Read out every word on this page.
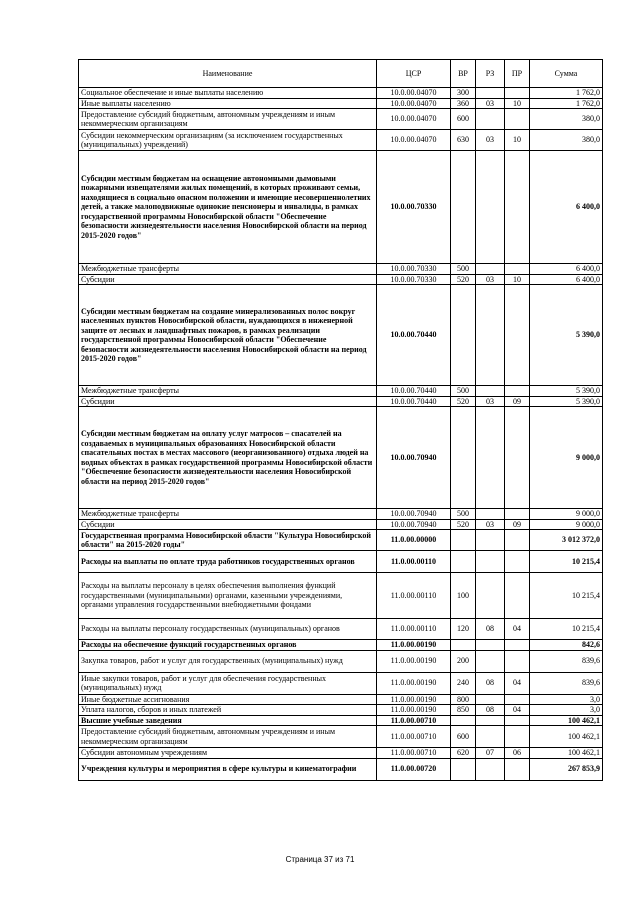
Наименование	ЦСР	ВР	РЗ	ПР	Сумма
Социальное обеспечение и иные выплаты населению	10.0.00.04070	300			1 762,0
Иные выплаты населению	10.0.00.04070	360	03	10	1 762,0
Предоставление субсидий бюджетным, автономным учреждениям и иным некоммерческим организациям	10.0.00.04070	600			380,0
Субсидии некоммерческим организациям (за исключением государственных (муниципальных) учреждений)	10.0.00.04070	630	03	10	380,0
Субсидии местным бюджетам на оснащение автономными дымовыми пожарными извещателями жилых помещений, в которых проживают семьи, находящиеся в социально опасном положении и имеющие несовершеннолетних детей, а также малоподвижные одинокие пенсионеры и инвалиды, в рамках государственной программы Новосибирской области "Обеспечение безопасности жизнедеятельности населения Новосибирской области на период 2015-2020 годов"	10.0.00.70330				6 400,0
Межбюджетные трансферты	10.0.00.70330	500			6 400,0
Субсидии	10.0.00.70330	520	03	10	6 400,0
Субсидии местным бюджетам на создание минерализованных полос вокруг населенных пунктов Новосибирской области, нуждающихся в инженерной защите от лесных и ландшафтных пожаров, в рамках реализации государственной программы Новосибирской области "Обеспечение безопасности жизнедеятельности населения Новосибирской области на период 2015-2020 годов"	10.0.00.70440				5 390,0
Межбюджетные трансферты	10.0.00.70440	500			5 390,0
Субсидии	10.0.00.70440	520	03	09	5 390,0
Субсидии местным бюджетам на оплату услуг матросов – спасателей на создаваемых в муниципальных образованиях Новосибирской области спасательных постах в местах массового (неорганизованного) отдыха людей на водных объектах в рамках государственной программы Новосибирской области "Обеспечение безопасности жизнедеятельности населения Новосибирской области на период 2015-2020 годов"	10.0.00.70940				9 000,0
Межбюджетные трансферты	10.0.00.70940	500			9 000,0
Субсидии	10.0.00.70940	520	03	09	9 000,0
Государственная программа Новосибирской области "Культура Новосибирской области" на 2015-2020 годы"	11.0.00.00000				3 012 372,0
Расходы на выплаты по оплате труда работников государственных органов	11.0.00.00110				10 215,4
Расходы на выплаты персоналу в целях обеспечения выполнения функций государственными (муниципальными) органами, казенными учреждениями, органами управления государственными внебюджетными фондами	11.0.00.00110	100			10 215,4
Расходы на выплаты персоналу государственных (муниципальных) органов	11.0.00.00110	120	08	04	10 215,4
Расходы на обеспечение функций государственных органов	11.0.00.00190				842,6
Закупка товаров, работ и услуг для государственных (муниципальных) нужд	11.0.00.00190	200			839,6
Иные закупки товаров, работ и услуг для обеспечения государственных (муниципальных) нужд	11.0.00.00190	240	08	04	839,6
Иные бюджетные ассигнования	11.0.00.00190	800			3,0
Уплата налогов, сборов и иных платежей	11.0.00.00190	850	08	04	3,0
Высшие учебные заведения	11.0.00.00710				100 462,1
Предоставление субсидий бюджетным, автономным учреждениям и иным некоммерческим организациям	11.0.00.00710	600			100 462,1
Субсидии автономным учреждениям	11.0.00.00710	620	07	06	100 462,1
Учреждения культуры и мероприятия в сфере культуры и кинематографии	11.0.00.00720				267 853,9
Страница 37 из 71
